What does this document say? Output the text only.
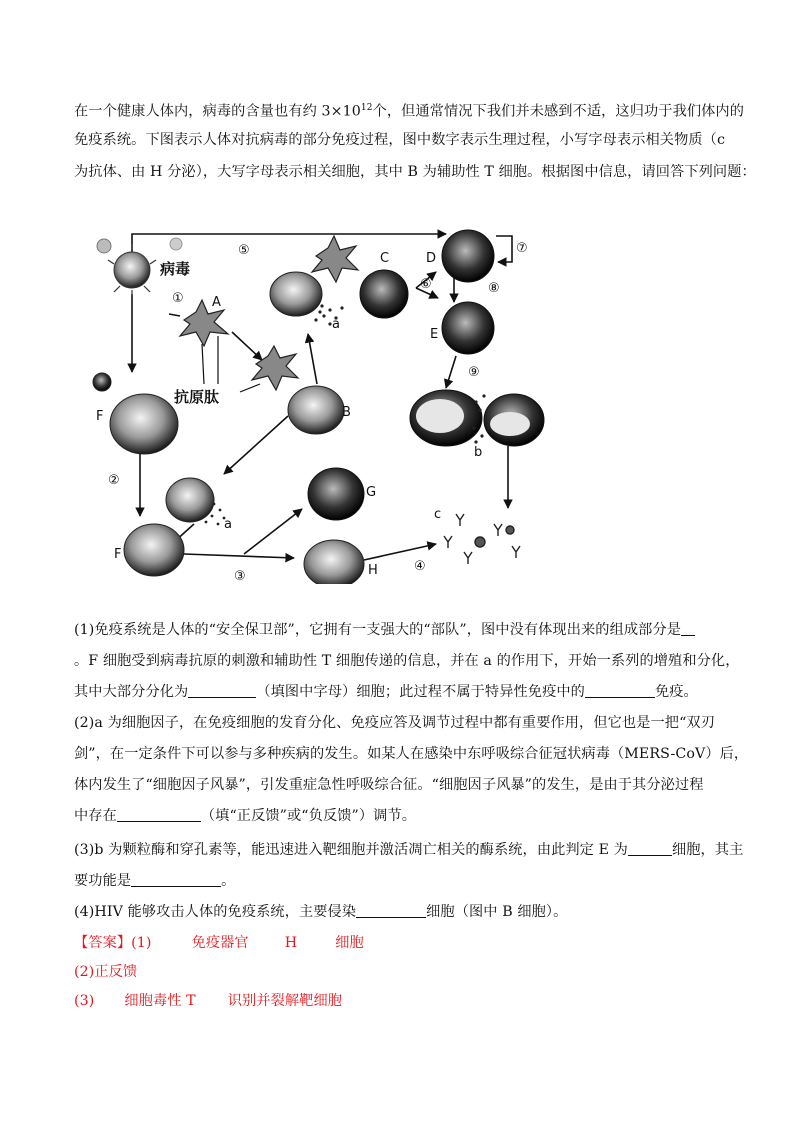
在一个健康人体内，病毒的含量也有约 $3\times 10^{12}$个，但通常情况下我们并未感到不适，这归功于我们体内的
免疫系统。下图表示人体对抗病毒的部分免疫过程，图中数字表示生理过程，小写字母表示相关物质（c
为抗体、由 H 分泌），大写字母表示相关细胞，其中 B 为辅助性 T 细胞。根据图中信息，请回答下列问题：
病毒
抗原肽
A
B
C	D
E
F
F
G
H
a
a
b
c
①
②
③
④
⑤
⑥
⑦
⑧
⑨
(1)免疫系统是人体的“安全保卫部”，它拥有一支强大的“部队”，图中没有体现出来的组成部分是
。F 细胞受到病毒抗原的刺激和辅助性 T 细胞传递的信息，并在 a 的作用下，开始一系列的增殖和分化，
其中大部分分化为	（填图中字母）细胞；此过程不属于特异性免疫中的	免疫。
(2)a 为细胞因子，在免疫细胞的发育分化、免疫应答及调节过程中都有重要作用，但它也是一把“双刃
剑”，在一定条件下可以参与多种疾病的发生。如某人在感染中东呼吸综合征冠状病毒（MERS-CoV）后，
体内发生了“细胞因子风暴”，引发重症急性呼吸综合征。“细胞因子风暴”的发生，是由于其分泌过程
中存在	（填“正反馈”或“负反馈”）调节。
(3)b 为颗粒酶和穿孔素等，能迅速进入靶细胞并激活凋亡相关的酶系统，由此判定 E 为	细胞，其主
要功能是	。
(4)HIV 能够攻击人体的免疫系统，主要侵染	细胞（图中 B 细胞）。
【答案】(1)	免疫器官	H	细胞
(2)正反馈
(3) 细胞毒性 T 识别并裂解靶细胞
